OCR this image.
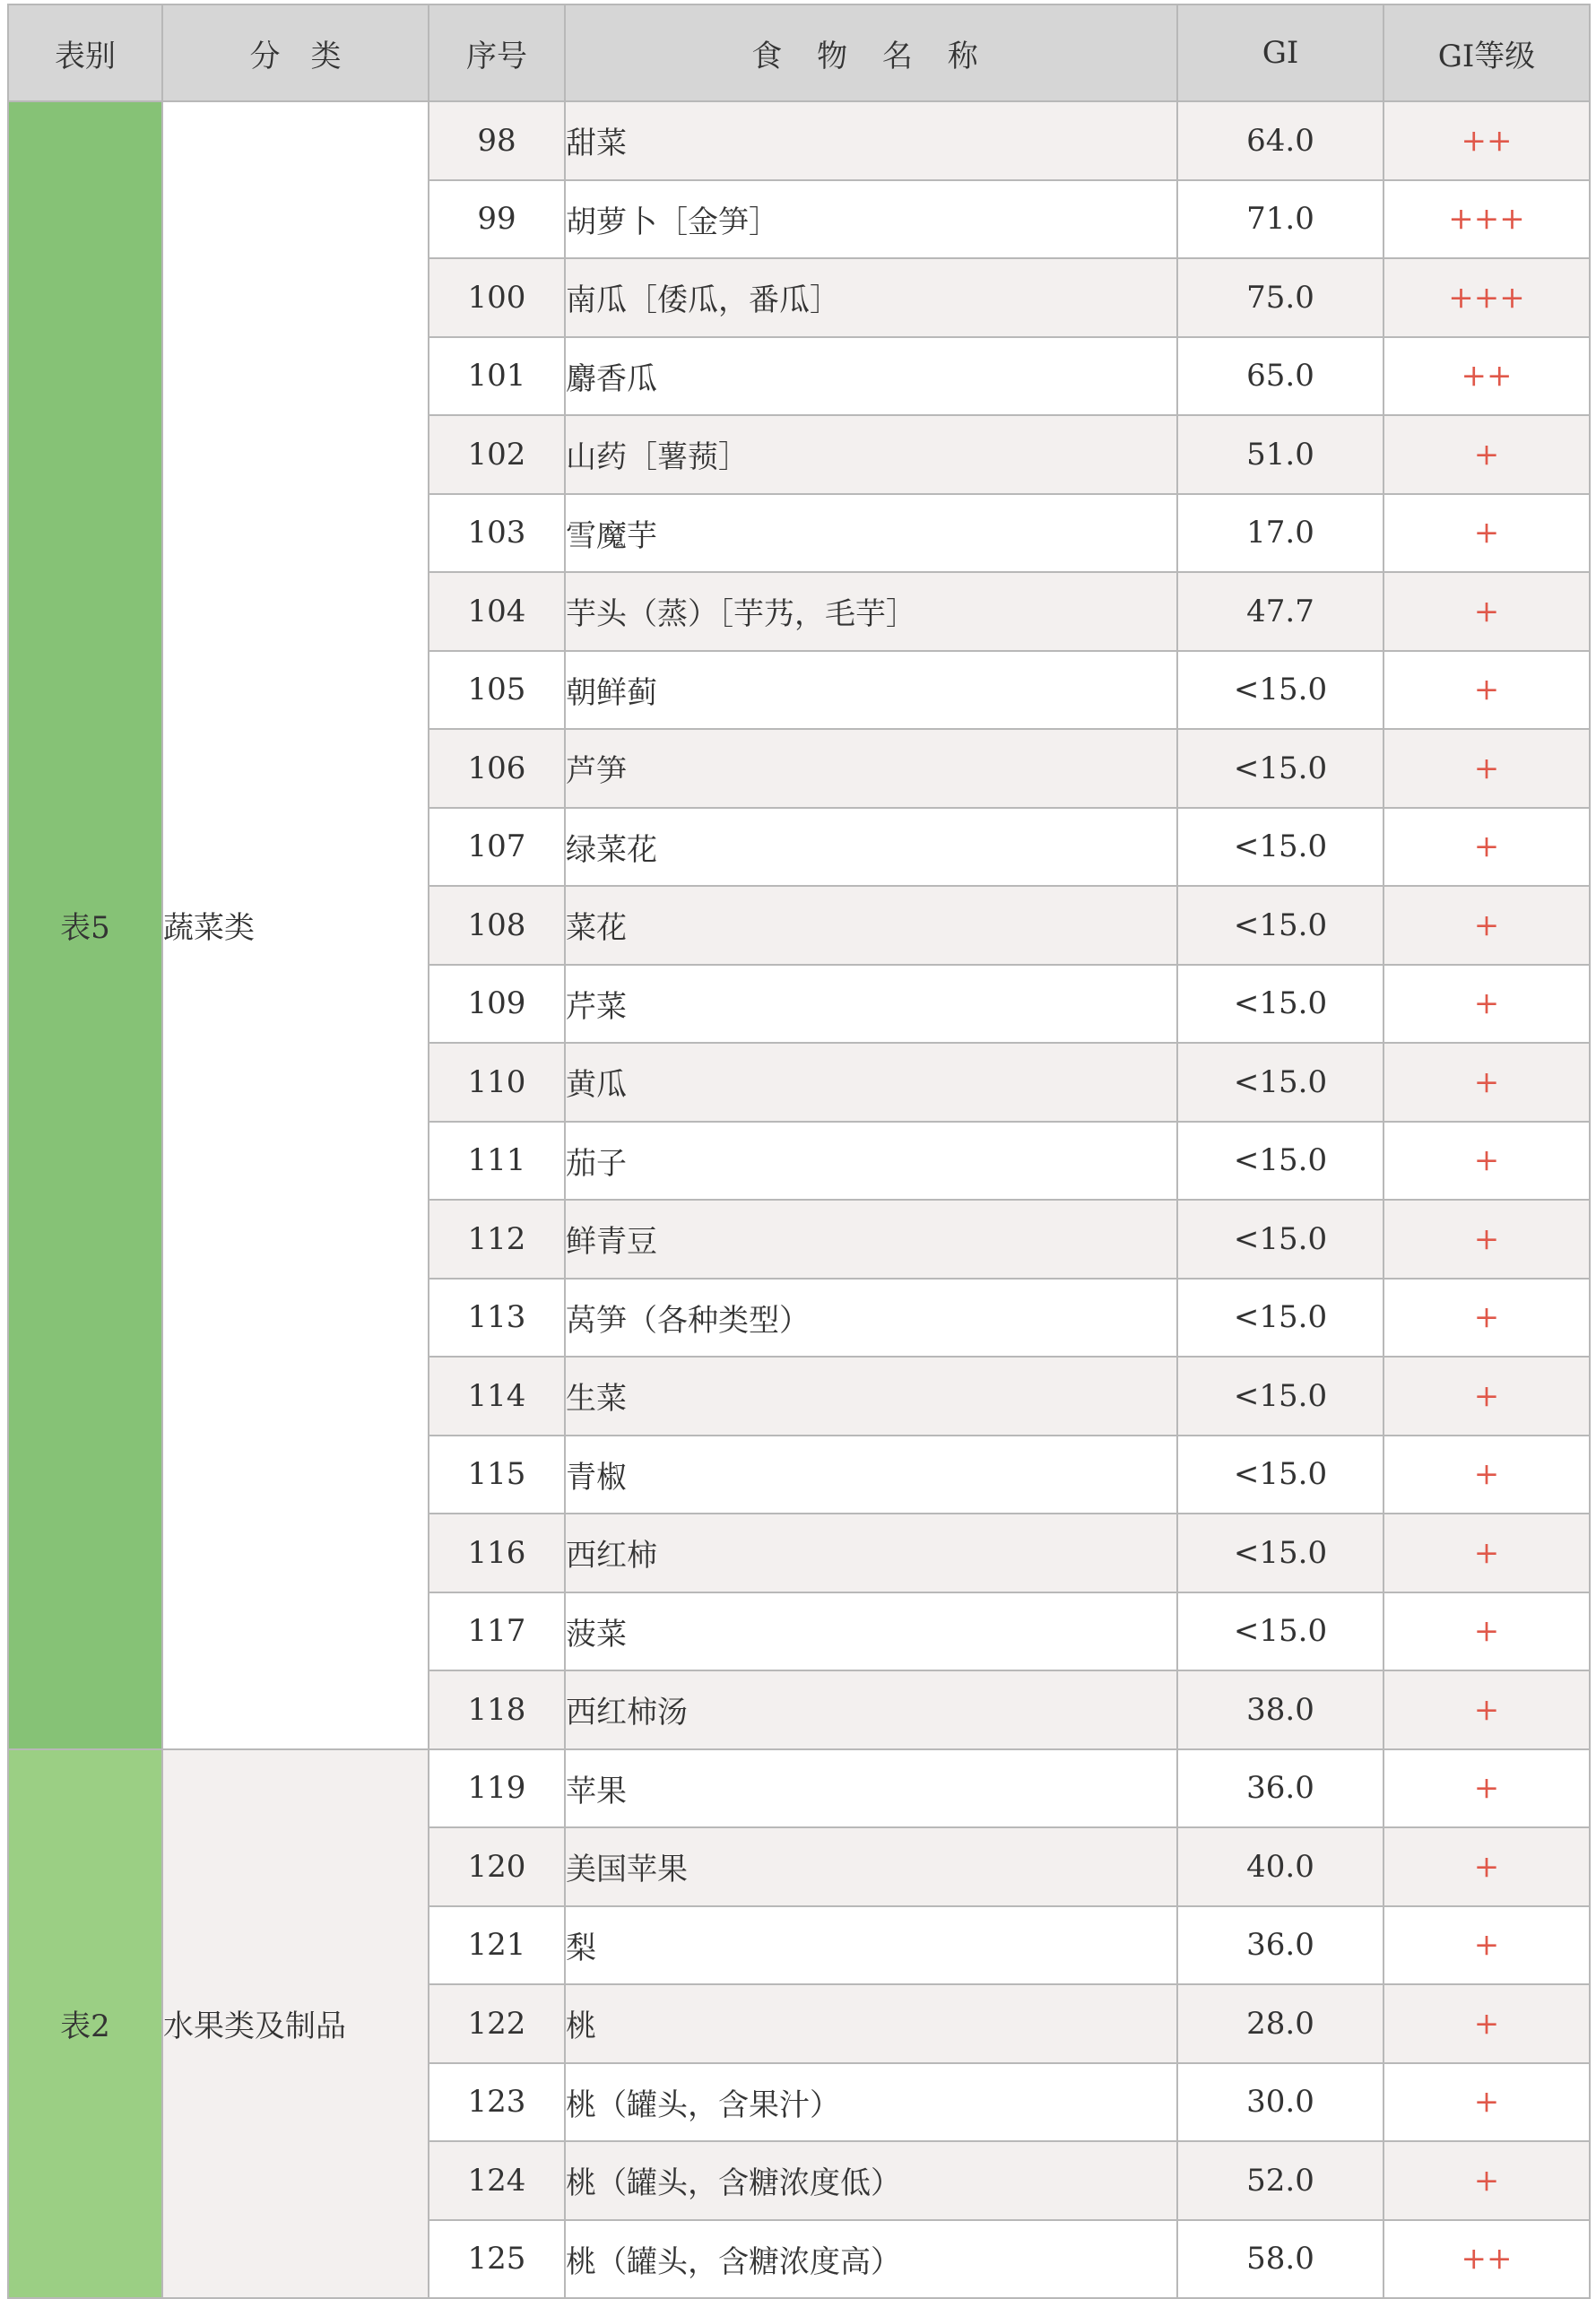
表别	分　类	序号	食 物 名 称	GI	GI等级
表5	蔬菜类	98	甜菜	64.0	++
		99	胡萝卜［金笋］	71.0	+++
		100	南瓜［倭瓜，番瓜］	75.0	+++
		101	麝香瓜	65.0	++
		102	山药［薯蓣］	51.0	+
		103	雪魔芋	17.0	+
		104	芋头（蒸）［芋艿，毛芋］	47.7	+
		105	朝鲜蓟	<15.0	+
		106	芦笋	<15.0	+
		107	绿菜花	<15.0	+
		108	菜花	<15.0	+
		109	芹菜	<15.0	+
		110	黄瓜	<15.0	+
		111	茄子	<15.0	+
		112	鲜青豆	<15.0	+
		113	莴笋（各种类型）	<15.0	+
		114	生菜	<15.0	+
		115	青椒	<15.0	+
		116	西红柿	<15.0	+
		117	菠菜	<15.0	+
		118	西红柿汤	38.0	+
表2	水果类及制品	119	苹果	36.0	+
		120	美国苹果	40.0	+
		121	梨	36.0	+
		122	桃	28.0	+
		123	桃（罐头，含果汁）	30.0	+
		124	桃（罐头，含糖浓度低）	52.0	+
		125	桃（罐头，含糖浓度高）	58.0	++
